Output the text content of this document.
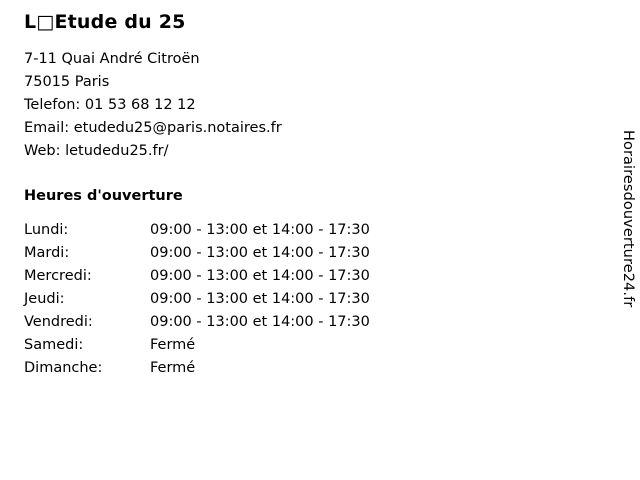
L□Etude du 25
7-11 Quai André Citroën
75015 Paris
Telefon: 01 53 68 12 12
Email: etudedu25@paris.notaires.fr
Web: letudedu25.fr/
Heures d'ouverture
Lundi:	09:00 - 13:00 et 14:00 - 17:30
Mardi:	09:00 - 13:00 et 14:00 - 17:30
Mercredi:	09:00 - 13:00 et 14:00 - 17:30
Jeudi:	09:00 - 13:00 et 14:00 - 17:30
Vendredi:	09:00 - 13:00 et 14:00 - 17:30
Samedi:	Fermé
Dimanche:	Fermé
Horairesdouverture24.fr
